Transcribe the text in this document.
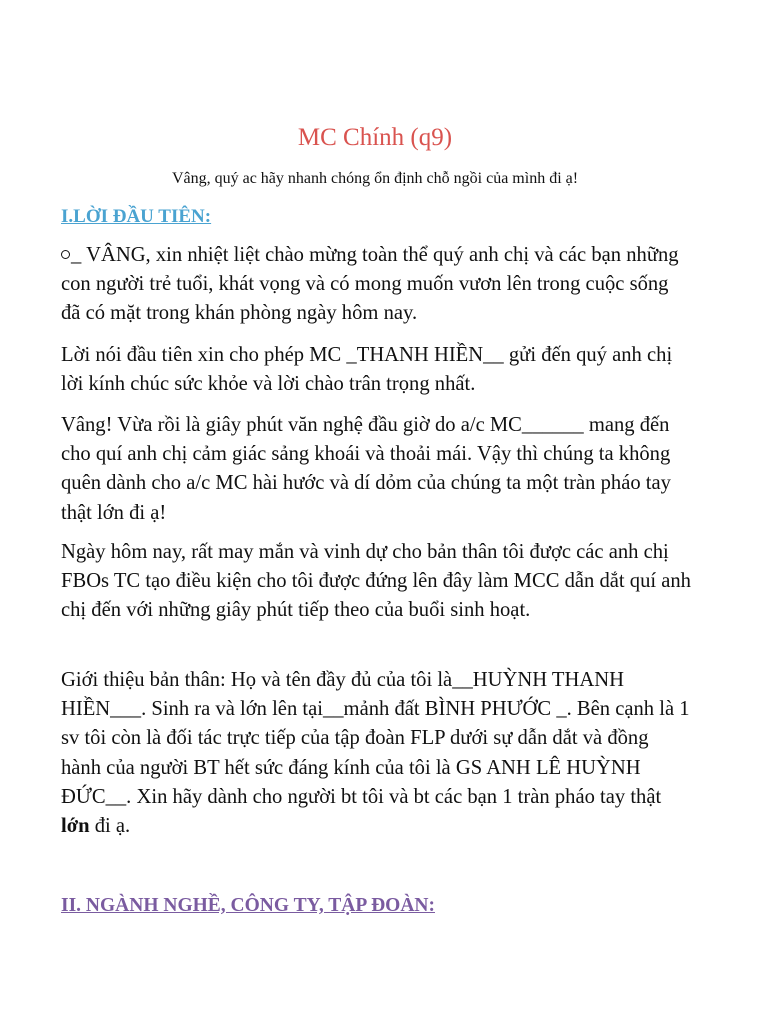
MC Chính (q9)
Vâng, quý ac hãy nhanh chóng ổn định chỗ ngồi của mình đi ạ!
I.LỜI ĐẦU TIÊN:

_ VÂNG, xin nhiệt liệt chào mừng toàn thể quý anh chị và các bạn những con người trẻ tuổi, khát vọng và có mong muốn vươn lên trong cuộc sống đã có mặt trong khán phòng ngày hôm nay.

Lời nói đầu tiên xin cho phép MC _THANH HIỀN__ gửi đến quý anh chị lời kính chúc sức khỏe và lời chào trân trọng nhất.

Vâng! Vừa rồi là giây phút văn nghệ đầu giờ do a/c MC______ mang đến cho quí anh chị cảm giác sảng khoái và thoải mái. Vậy thì chúng ta không quên dành cho a/c MC hài hước và dí dỏm của chúng ta một tràn pháo tay thật lớn đi ạ!

Ngày hôm nay, rất may mắn và vinh dự cho bản thân tôi được các anh chị FBOs TC tạo điều kiện cho tôi được đứng lên đây làm MCC dẫn dắt quí anh chị đến với những giây phút tiếp theo của buổi sinh hoạt.

Giới thiệu bản thân: Họ và tên đầy đủ của tôi là__HUỲNH THANH HIỀN___. Sinh ra và lớn lên tại__mảnh đất BÌNH PHƯỚC _. Bên cạnh là 1 sv tôi còn là đối tác trực tiếp của tập đoàn FLP dưới sự dẫn dắt và đồng hành của người BT hết sức đáng kính của tôi là GS ANH LÊ HUỲNH ĐỨC__. Xin hãy dành cho người bt tôi và bt các bạn 1 tràn pháo tay thật lớn đi ạ.

II. NGÀNH NGHỀ, CÔNG TY, TẬP ĐOÀN:
